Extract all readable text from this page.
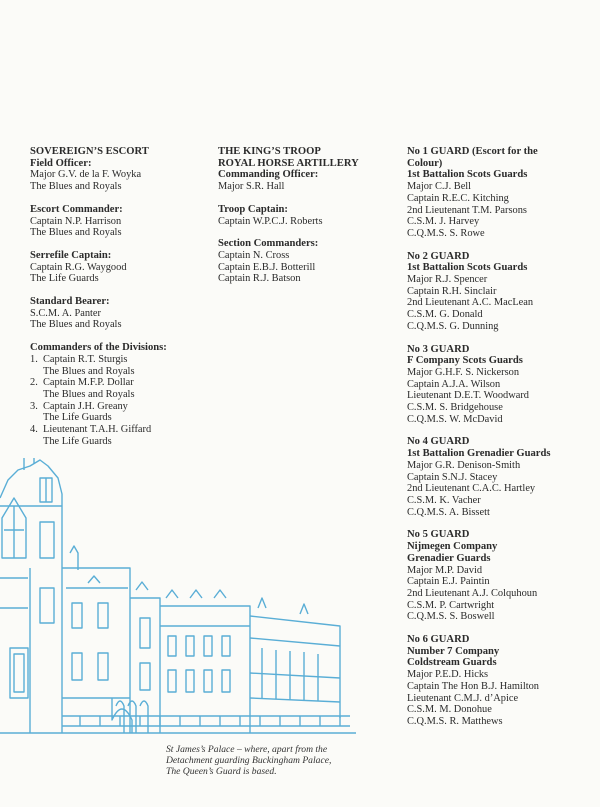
SOVEREIGN’S ESCORT
Field Officer:
Major G.V. de la F. Woyka
The Blues and Royals
Escort Commander:
Captain N.P. Harrison
The Blues and Royals
Serrefile Captain:
Captain R.G. Waygood
The Life Guards
Standard Bearer:
S.C.M. A. Panter
The Blues and Royals
Commanders of the Divisions:
1. Captain R.T. Sturgis
The Blues and Royals
2. Captain M.F.P. Dollar
The Blues and Royals
3. Captain J.H. Greany
The Life Guards
4. Lieutenant T.A.H. Giffard
The Life Guards
THE KING’S TROOP
ROYAL HORSE ARTILLERY
Commanding Officer:
Major S.R. Hall
Troop Captain:
Captain W.P.C.J. Roberts
Section Commanders:
Captain N. Cross
Captain E.B.J. Botterill
Captain R.J. Batson
No 1 GUARD (Escort for the
Colour)
1st Battalion Scots Guards
Major C.J. Bell
Captain R.E.C. Kitching
2nd Lieutenant T.M. Parsons
C.S.M. J. Harvey
C.Q.M.S. S. Rowe
No 2 GUARD
1st Battalion Scots Guards
Major R.J. Spencer
Captain R.H. Sinclair
2nd Lieutenant A.C. MacLean
C.S.M. G. Donald
C.Q.M.S. G. Dunning
No 3 GUARD
F Company Scots Guards
Major G.H.F. S. Nickerson
Captain A.J.A. Wilson
Lieutenant D.E.T. Woodward
C.S.M. S. Bridgehouse
C.Q.M.S. W. McDavid
No 4 GUARD
1st Battalion Grenadier Guards
Major G.R. Denison-Smith
Captain S.N.J. Stacey
2nd Lieutenant C.A.C. Hartley
C.S.M. K. Vacher
C.Q.M.S. A. Bissett
No 5 GUARD
Nijmegen Company
Grenadier Guards
Major M.P. David
Captain E.J. Paintin
2nd Lieutenant A.J. Colquhoun
C.S.M. P. Cartwright
C.Q.M.S. S. Boswell
No 6 GUARD
Number 7 Company
Coldstream Guards
Major P.E.D. Hicks
Captain The Hon B.J. Hamilton
Lieutenant C.M.J. d’Apice
C.S.M. M. Donohue
C.Q.M.S. R. Matthews
St James’s Palace – where, apart from the
Detachment guarding Buckingham Palace,
The Queen’s Guard is based.
